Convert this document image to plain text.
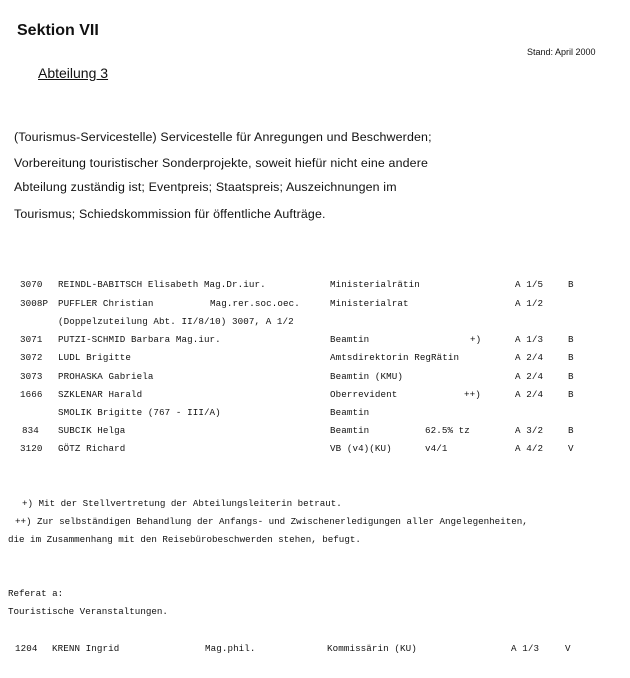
Sektion VII
Stand: April 2000
Abteilung 3
(Tourismus-Servicestelle) Servicestelle für Anregungen und Beschwerden;
Vorbereitung touristischer Sonderprojekte, soweit hiefür nicht eine andere
Abteilung zuständig ist; Eventpreis; Staatspreis; Auszeichnungen im
Tourismus; Schiedskommission für öffentliche Aufträge.
3070 REINDL-BABITSCH Elisabeth Mag.Dr.iur.	Ministerialrätin	A 1/5	B
3008P PUFFLER Christian	Mag.rer.soc.oec.	Ministerialrat	A 1/2
(Doppelzuteilung Abt. II/8/10) 3007, A 1/2
3071 PUTZI-SCHMID Barbara Mag.iur.	Beamtin	+)	A 1/3	B
3072 LUDL Brigitte	Amtsdirektorin RegRätin	A 2/4	B
3073 PROHASKA Gabriela	Beamtin (KMU)	A 2/4	B
1666 SZKLENAR Harald	Oberrevident	++)	A 2/4	B
SMOLIK Brigitte (767 - III/A)	Beamtin
834 SUBCIK Helga	Beamtin	62.5% tz	A 3/2	B
3120 GÖTZ Richard	VB (v4)(KU)	v4/1	A 4/2	V
+) Mit der Stellvertretung der Abteilungsleiterin betraut.
++) Zur selbständigen Behandlung der Anfangs- und Zwischenerledigungen aller Angelegenheiten,
die im Zusammenhang mit den Reisebürobeschwerden stehen, befugt.
Referat a:
Touristische Veranstaltungen.
1204 KRENN Ingrid	Mag.phil.	Kommissärin (KU)	A 1/3	V
